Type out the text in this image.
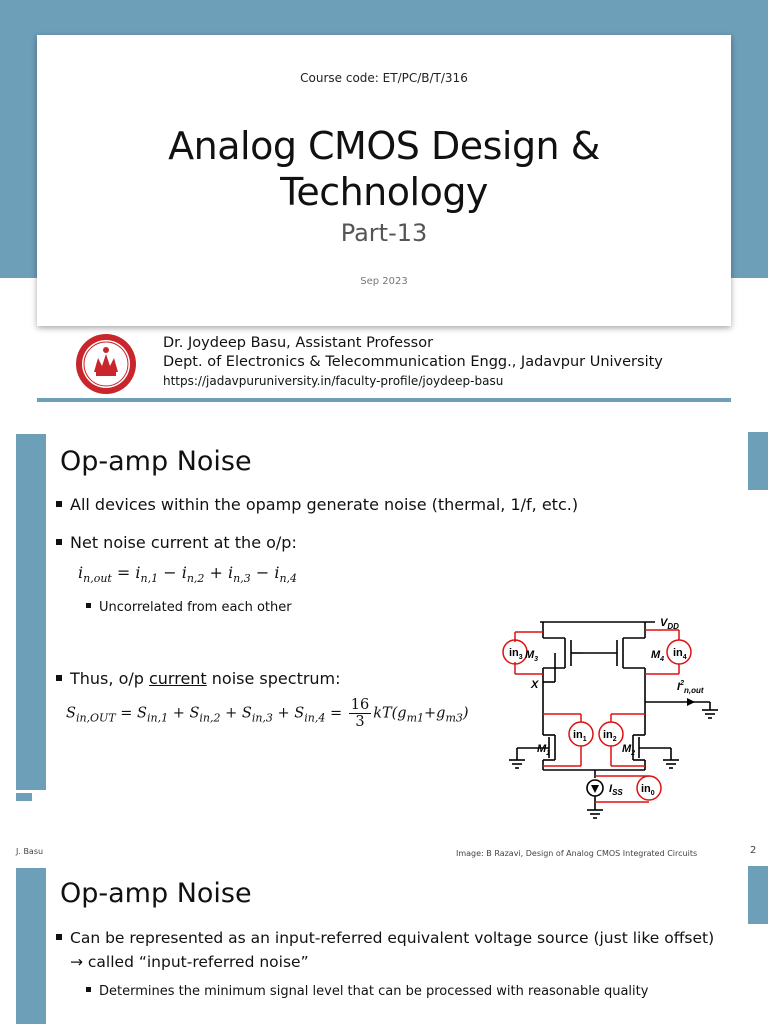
Course code: ET/PC/B/T/316
Analog CMOS Design &
Technology
Part-13
Sep 2023
Dr. Joydeep Basu, Assistant Professor
Dept. of Electronics & Telecommunication Engg., Jadavpur University
https://jadavpuruniversity.in/faculty-profile/joydeep-basu
Op-amp Noise
All devices within the opamp generate noise (thermal, 1/f, etc.)
Net noise current at the o/p:
$i_{n,out} = i_{n,1} - i_{n,2} + i_{n,3} - i_{n,4}$
Uncorrelated from each other
Thus, o/p current noise spectrum:
$S_{in,OUT} = S_{in,1} + S_{in,2} + S_{in,3} + S_{in,4} = \frac{16}{3} kT(g_{m1}+g_{m3})$
$in_3$ $M_3$	$M_4$
$in_4$
$V_{DD}$
X	$I^2_{n,out}$
$M_1$
$in_1$ $in_2$
$M_2$
$I_{SS}$ $in_0$
J. Basu	Image: B Razavi, Design of Analog CMOS Integrated Circuits	2
Op-amp Noise
Can be represented as an input-referred equivalent voltage source (just like offset)
→ called “input-referred noise”
Determines the minimum signal level that can be processed with reasonable quality
